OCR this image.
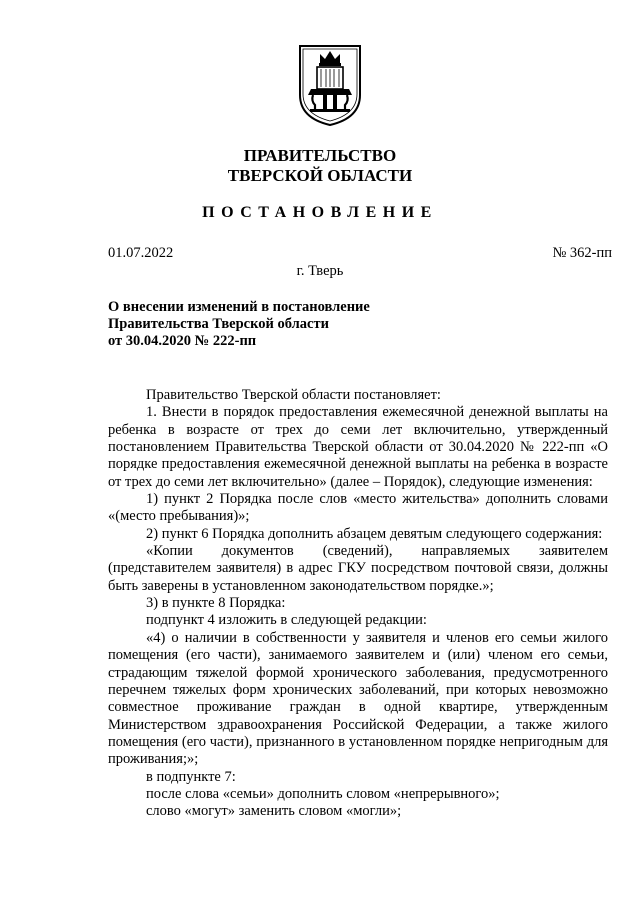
ПРАВИТЕЛЬСТВО
ТВЕРСКОЙ ОБЛАСТИ
ПОСТАНОВЛЕНИЕ
01.07.2022	№ 362-пп
г. Тверь
О внесении изменений в постановление
Правительства Тверской области
от 30.04.2020 № 222-пп

Правительство Тверской области постановляет:

1. Внести в порядок предоставления ежемесячной денежной выплаты на ребенка в возрасте от трех до семи лет включительно, утвержденный постановлением Правительства Тверской области от 30.04.2020 № 222-пп «О порядке предоставления ежемесячной денежной выплаты на ребенка в возрасте от трех до семи лет включительно» (далее – Порядок), следующие изменения:

1) пункт 2 Порядка после слов «место жительства» дополнить словами «(место пребывания)»;

2) пункт 6 Порядка дополнить абзацем девятым следующего содержания:

«Копии документов (сведений), направляемых заявителем (представителем заявителя) в адрес ГКУ посредством почтовой связи, должны быть заверены в установленном законодательством порядке.»;

3) в пункте 8 Порядка:

подпункт 4 изложить в следующей редакции:

«4) о наличии в собственности у заявителя и членов его семьи жилого помещения (его части), занимаемого заявителем и (или) членом его семьи, страдающим тяжелой формой хронического заболевания, предусмотренного перечнем тяжелых форм хронических заболеваний, при которых невозможно совместное проживание граждан в одной квартире, утвержденным Министерством здравоохранения Российской Федерации, а также жилого помещения (его части), признанного в установленном порядке непригодным для проживания;»;

в подпункте 7:

после слова «семьи» дополнить словом «непрерывного»;

слово «могут» заменить словом «могли»;
